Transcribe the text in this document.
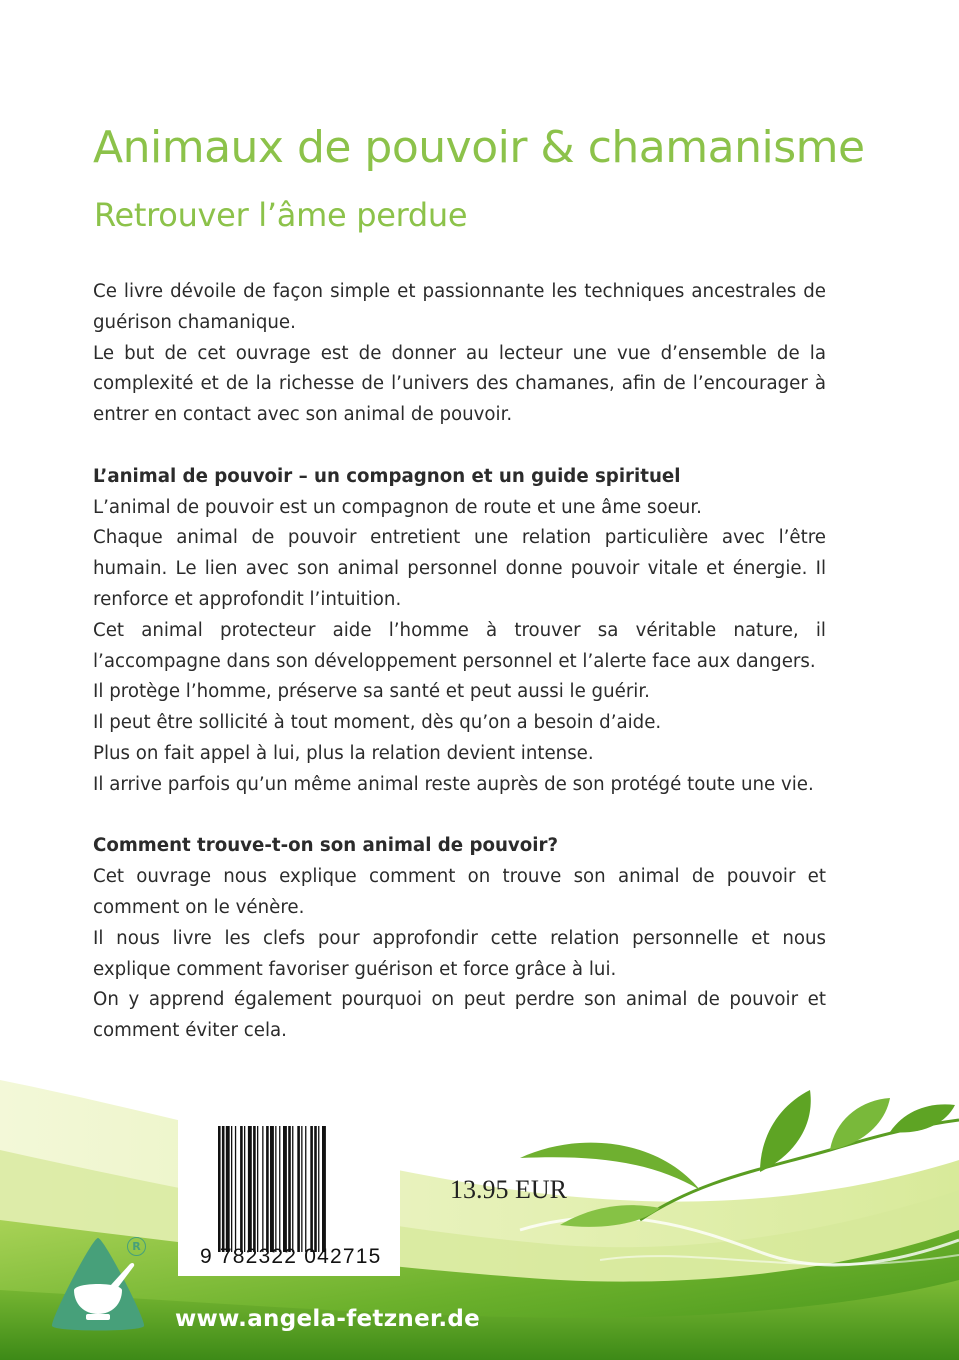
Animaux de pouvoir & chamanisme
Retrouver l’âme perdue

Ce livre dévoile de façon simple et passionnante les techniques ancestrales de guérison chamanique.

Le but de cet ouvrage est de donner au lecteur une vue d’ensemble de la complexité et de la richesse de l’univers des chamanes, afin de l’encourager à entrer en contact avec son animal de pouvoir.

L’animal de pouvoir – un compagnon et un guide spirituel

L’animal de pouvoir est un compagnon de route et une âme soeur.

Chaque animal de pouvoir entretient une relation particulière avec l’être humain. Le lien avec son animal personnel donne pouvoir vitale et énergie. Il renforce et approfondit l’intuition.

Cet animal protecteur aide l’homme à trouver sa véritable nature, il l’accompagne dans son développement personnel et l’alerte face aux dangers.

Il protège l’homme, préserve sa santé et peut aussi le guérir.

Il peut être sollicité à tout moment, dès qu’on a besoin d’aide.

Plus on fait appel à lui, plus la relation devient intense.

Il arrive parfois qu’un même animal reste auprès de son protégé toute une vie.

Comment trouve-t-on son animal de pouvoir?

Cet ouvrage nous explique comment on trouve son animal de pouvoir et comment on le vénère.

Il nous livre les clefs pour approfondir cette relation personnelle et nous explique comment favoriser guérison et force grâce à lui.

On y apprend également pourquoi on peut perdre son animal de pouvoir et comment éviter cela.

9 782322 042715
13.95 EUR
R
www.angela-fetzner.de
